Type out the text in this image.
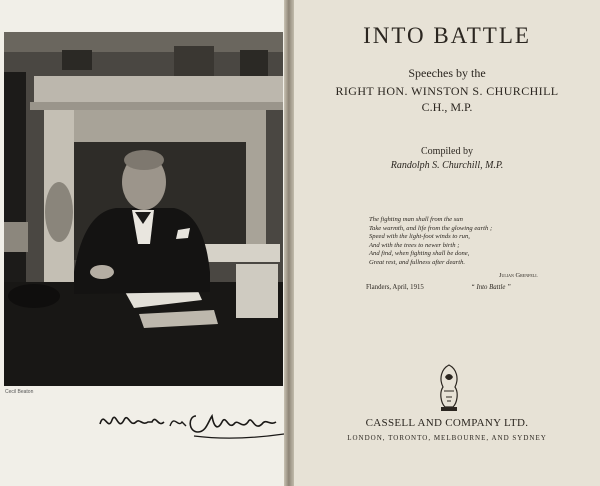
Cecil Beaton
INTO BATTLE
Speeches by the
RIGHT HON. WINSTON S. CHURCHILL
C.H., M.P.
Compiled by
Randolph S. Churchill, M.P.
The fighting man shall from the sun
Take warmth, and life from the glowing earth ;
Speed with the light-foot winds to run,
And with the trees to newer birth ;
And find, when fighting shall be done,
Great rest, and fullness after dearth.
Julian Grenfell
Flanders, April, 1915	“ Into Battle ”
CASSELL AND COMPANY LTD.
LONDON, TORONTO, MELBOURNE, AND SYDNEY
